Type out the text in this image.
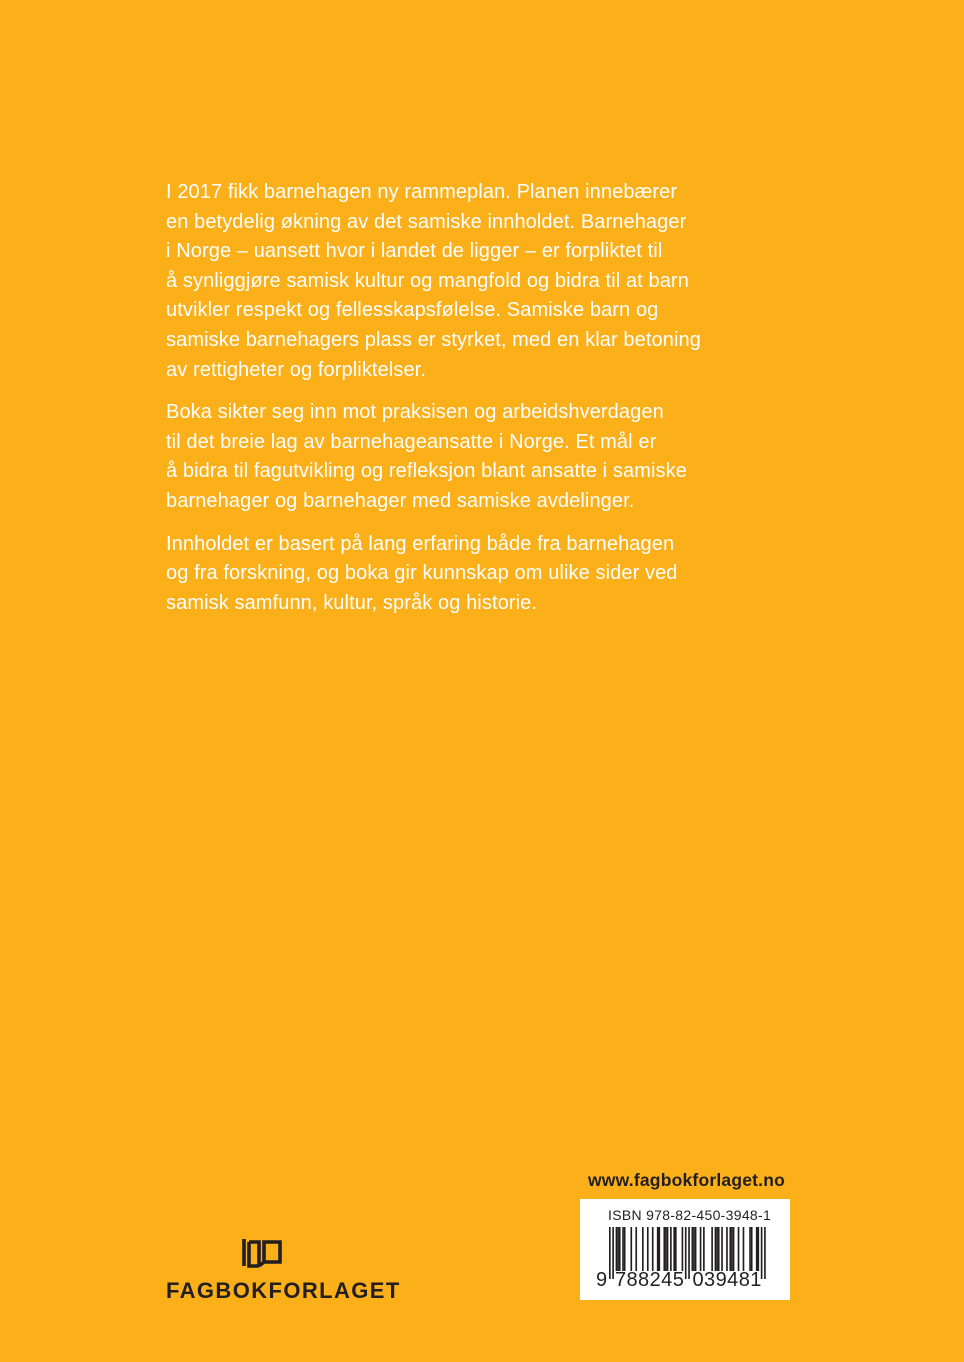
I 2017 fikk barnehagen ny rammeplan. Planen innebærer
en betydelig økning av det samiske innholdet. Barnehager
i Norge – uansett hvor i landet de ligger – er forpliktet til
å synliggjøre samisk kultur og mangfold og bidra til at barn
utvikler respekt og fellesskapsfølelse. Samiske barn og
samiske barnehagers plass er styrket, med en klar betoning
av rettigheter og forpliktelser.

Boka sikter seg inn mot praksisen og arbeidshverdagen
til det breie lag av barnehageansatte i Norge. Et mål er
å bidra til fagutvikling og refleksjon blant ansatte i samiske
barnehager og barnehager med samiske avdelinger.

Innholdet er basert på lang erfaring både fra barnehagen
og fra forskning, og boka gir kunnskap om ulike sider ved
samisk samfunn, kultur, språk og historie.

www.fagbokforlaget.no
ISBN 978-82-450-3948-1
9 7 8 8 2 4 5 0 3 9 4 8 1
FAGBOKFORLAGET
